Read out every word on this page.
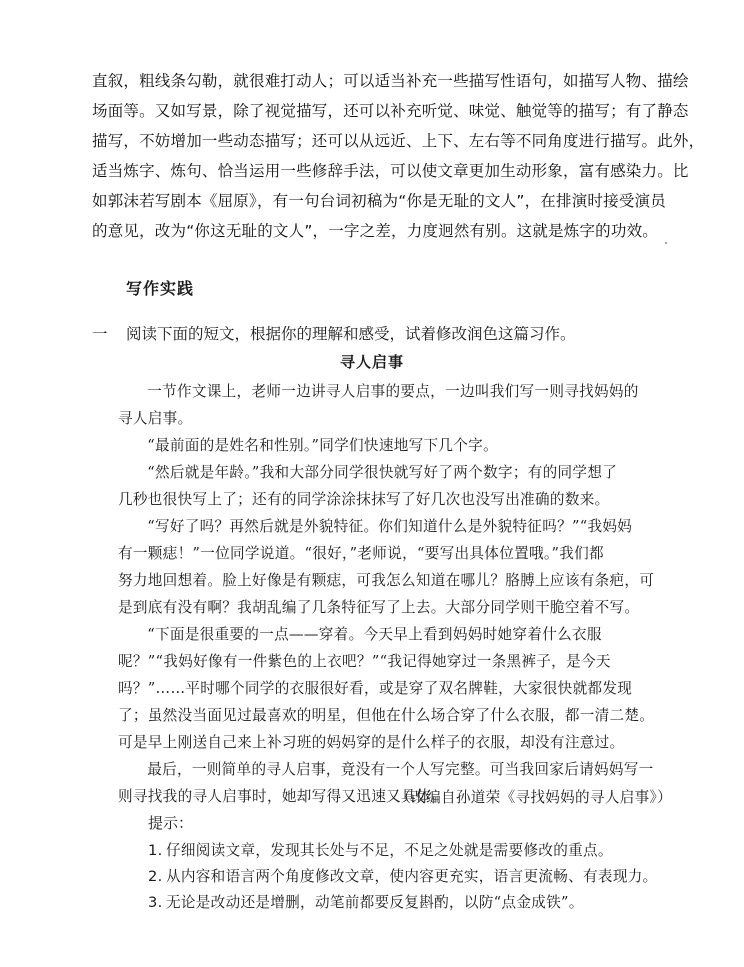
直叙，粗线条勾勒，就很难打动人；可以适当补充一些描写性语句，如描写人物、描绘

场面等。又如写景，除了视觉描写，还可以补充听觉、味觉、触觉等的描写；有了静态

描写，不妨增加一些动态描写；还可以从远近、上下、左右等不同角度进行描写。此外，

适当炼字、炼句、恰当运用一些修辞手法，可以使文章更加生动形象，富有感染力。比

如郭沫若写剧本《屈原》，有一句台词初稿为“你是无耻的文人”，在排演时接受演员

的意见，改为“你这无耻的文人”，一字之差，力度迥然有别。这就是炼字的功效。

写作实践
一 阅读下面的短文，根据你的理解和感受，试着修改润色这篇习作。
寻人启事

一节作文课上，老师一边讲寻人启事的要点，一边叫我们写一则寻找妈妈的

寻人启事。

“最前面的是姓名和性别。”同学们快速地写下几个字。

“然后就是年龄。”我和大部分同学很快就写好了两个数字；有的同学想了

几秒也很快写上了；还有的同学涂涂抹抹写了好几次也没写出准确的数来。

“写好了吗？再然后就是外貌特征。你们知道什么是外貌特征吗？”“我妈妈

有一颗痣！”一位同学说道。“很好，”老师说，“要写出具体位置哦。”我们都

努力地回想着。脸上好像是有颗痣，可我怎么知道在哪儿？胳膊上应该有条疤，可

是到底有没有啊？我胡乱编了几条特征写了上去。大部分同学则干脆空着不写。

“下面是很重要的一点——穿着。今天早上看到妈妈时她穿着什么衣服

呢？”“我妈好像有一件紫色的上衣吧？”“我记得她穿过一条黑裤子，是今天

吗？”……平时哪个同学的衣服很好看，或是穿了双名牌鞋，大家很快就都发现

了；虽然没当面见过最喜欢的明星，但他在什么场合穿了什么衣服，都一清二楚。

可是早上刚送自己来上补习班的妈妈穿的是什么样子的衣服，却没有注意过。

最后，一则简单的寻人启事，竟没有一个人写完整。可当我回家后请妈妈写一

则寻找我的寻人启事时，她却写得又迅速又具体。

（改编自孙道荣《寻找妈妈的寻人启事》）
提示：
1. 仔细阅读文章，发现其长处与不足，不足之处就是需要修改的重点。
2. 从内容和语言两个角度修改文章，使内容更充实，语言更流畅、有表现力。
3. 无论是改动还是增删，动笔前都要反复斟酌，以防“点金成铁”。
